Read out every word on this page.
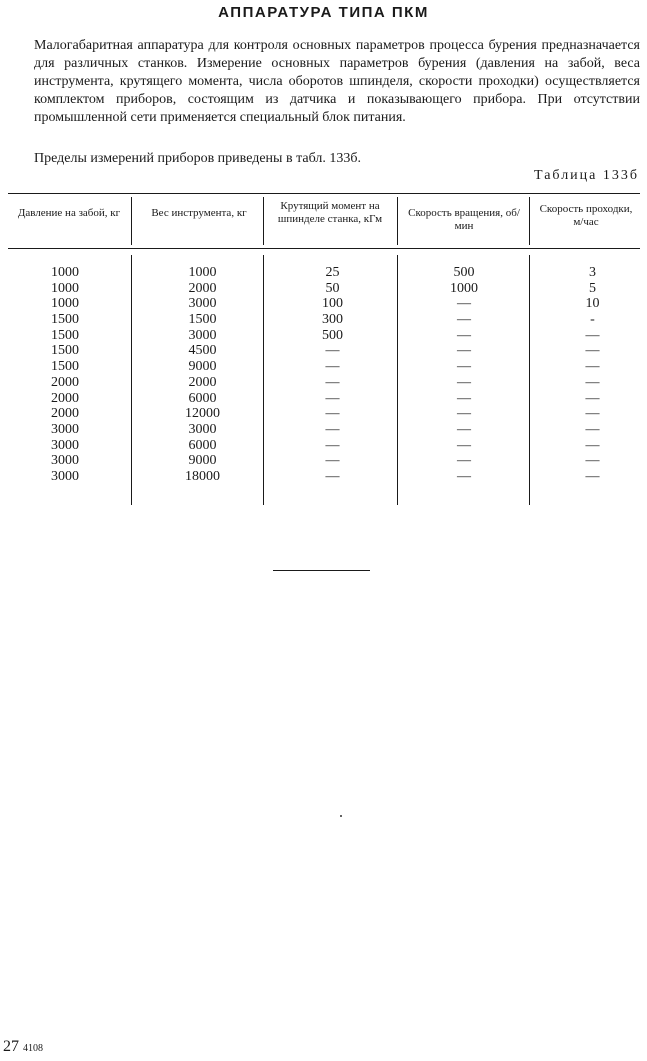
АППАРАТУРА ТИПА ПКМ

Малогабаритная аппаратура для контроля основных параметров процесса бурения предназначается для различных станков. Измерение основных параметров бурения (давления на забой, веса инструмента, крутящего момента, числа оборотов шпинделя, скорости проходки) осуществляется комплектом приборов, состоящим из датчика и показывающего прибора. При отсутствии промышленной сети применяется специальный блок питания.

Пределы измерений приборов приведены в табл. 133б.

Таблица 133б
Давление на забой, кг	Вес инструмента, кг
Крутящий момент на шпинделе станка, кГм	Скорость вращения, об/мин
Скорость проходки, м/час
1000
1000
1000
1500
1500
1500
1500
2000
2000
2000
3000
3000
3000
3000
1000
2000
3000
1500
3000
4500
9000
2000
6000
12000
3000
6000
9000
18000
25
50
100
300
500
—
—
—
—
—
—
—
—
—
500
1000
—
—
—
—
—
—
—
—
—
—
—
—
3
5
10
-
—
—
—
—
—
—
—
—
—
—
27 4108
